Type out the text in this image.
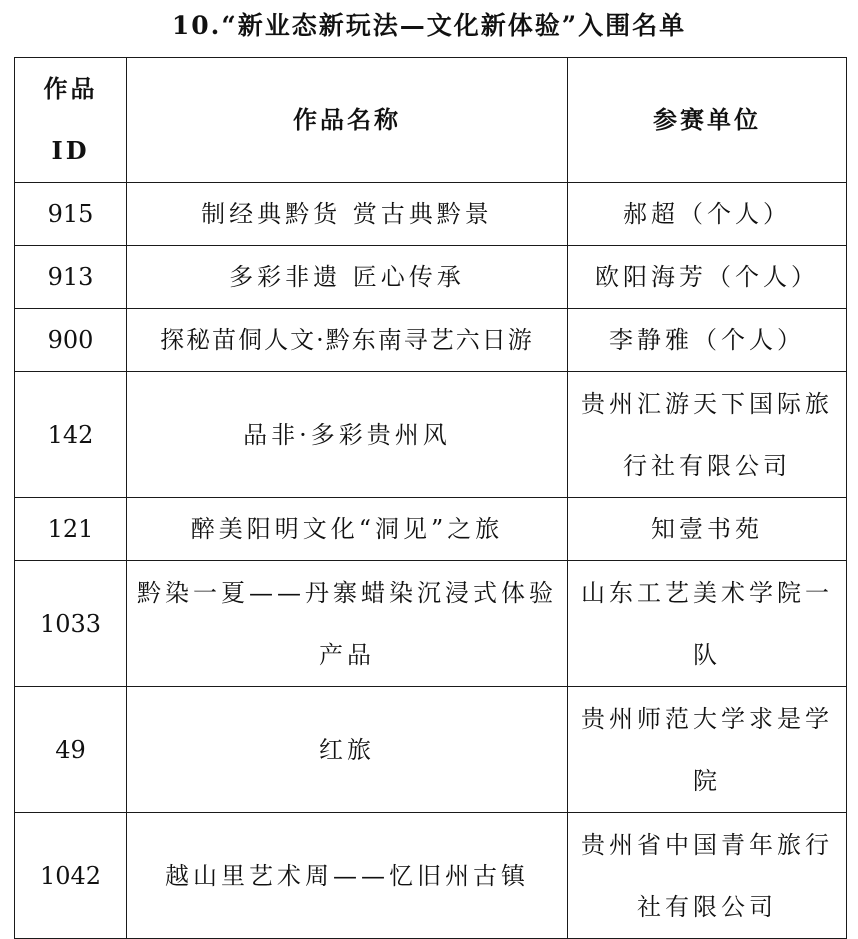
10.“新业态新玩法—文化新体验”入围名单
作品 ID	作品名称	参赛单位
915	制经典黔货 赏古典黔景	郝超（个人）
913	多彩非遗 匠心传承	欧阳海芳（个人）
900	探秘苗侗人文·黔东南寻艺六日游	李静雅（个人）
142	品非·多彩贵州风	贵州汇游天下国际旅行社有限公司
121	醉美阳明文化“洞见”之旅	知壹书苑
1033	黔染一夏——丹寨蜡染沉浸式体验产品	山东工艺美术学院一队
49	红旅	贵州师范大学求是学院
1042	越山里艺术周——忆旧州古镇	贵州省中国青年旅行社有限公司
